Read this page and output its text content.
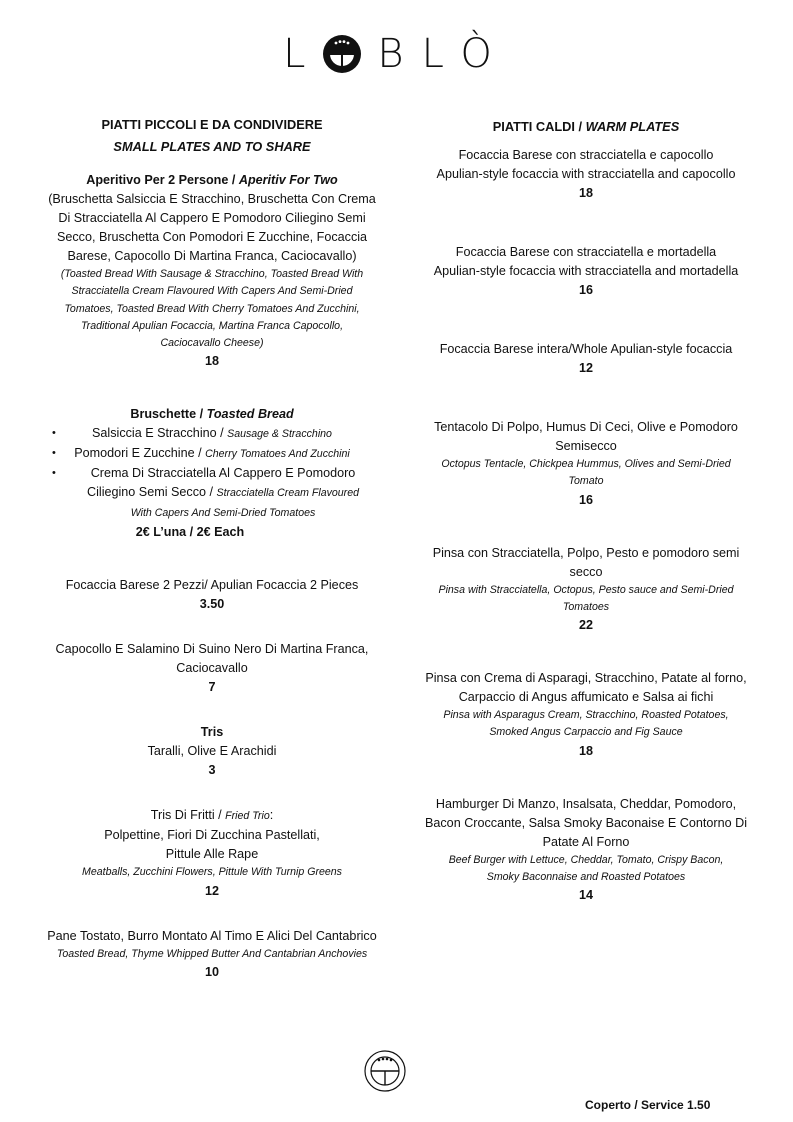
L BLÒ

PIATTI PICCOLI E DA CONDIVIDERE

SMALL PLATES AND TO SHARE

Aperitivo Per 2 Persone / Aperitiv For Two

(Bruschetta Salsiccia E Stracchino, Bruschetta Con Crema

Di Stracciatella Al Cappero E Pomodoro Ciliegino Semi

Secco, Bruschetta Con Pomodori E Zucchine, Focaccia

Barese, Capocollo Di Martina Franca, Caciocavallo)

(Toasted Bread With Sausage & Stracchino, Toasted Bread With

Stracciatella Cream Flavoured With Capers And Semi-Dried

Tomatoes, Toasted Bread With Cherry Tomatoes And Zucchini,

Traditional Apulian Focaccia, Martina Franca Capocollo,

Caciocavallo Cheese)

18

Bruschette / Toasted Bread

• Salsiccia E Stracchino / Sausage & Stracchino
• Pomodori E Zucchine / Cherry Tomatoes And Zucchini
• Crema Di Stracciatella Al Cappero E Pomodoro
Ciliegino Semi Secco / Stracciatella Cream Flavoured
With Capers And Semi-Dried Tomatoes

2€ L’una / 2€ Each

Focaccia Barese 2 Pezzi/ Apulian Focaccia 2 Pieces

3.50

Capocollo E Salamino Di Suino Nero Di Martina Franca,

Caciocavallo

7

Tris

Taralli, Olive E Arachidi

3

Tris Di Fritti / Fried Trio:

Polpettine, Fiori Di Zucchina Pastellati,

Pittule Alle Rape

Meatballs, Zucchini Flowers, Pittule With Turnip Greens

12

Pane Tostato, Burro Montato Al Timo E Alici Del Cantabrico

Toasted Bread, Thyme Whipped Butter And Cantabrian Anchovies

10

PIATTI CALDI / WARM PLATES

Focaccia Barese con stracciatella e capocollo

Apulian-style focaccia with stracciatella and capocollo

18

Focaccia Barese con stracciatella e mortadella

Apulian-style focaccia with stracciatella and mortadella

16

Focaccia Barese intera/Whole Apulian-style focaccia

12

Tentacolo Di Polpo, Humus Di Ceci, Olive e Pomodoro

Semisecco

Octopus Tentacle, Chickpea Hummus, Olives and Semi-Dried

Tomato

16

Pinsa con Stracciatella, Polpo, Pesto e pomodoro semi

secco

Pinsa with Stracciatella, Octopus, Pesto sauce and Semi-Dried

Tomatoes

22

Pinsa con Crema di Asparagi, Stracchino, Patate al forno,

Carpaccio di Angus affumicato e Salsa ai fichi

Pinsa with Asparagus Cream, Stracchino, Roasted Potatoes,

Smoked Angus Carpaccio and Fig Sauce

18

Hamburger Di Manzo, Insalsata, Cheddar, Pomodoro,

Bacon Croccante, Salsa Smoky Baconaise E Contorno Di

Patate Al Forno

Beef Burger with Lettuce, Cheddar, Tomato, Crispy Bacon,

Smoky Baconnaise and Roasted Potatoes

14

Coperto / Service 1.50
